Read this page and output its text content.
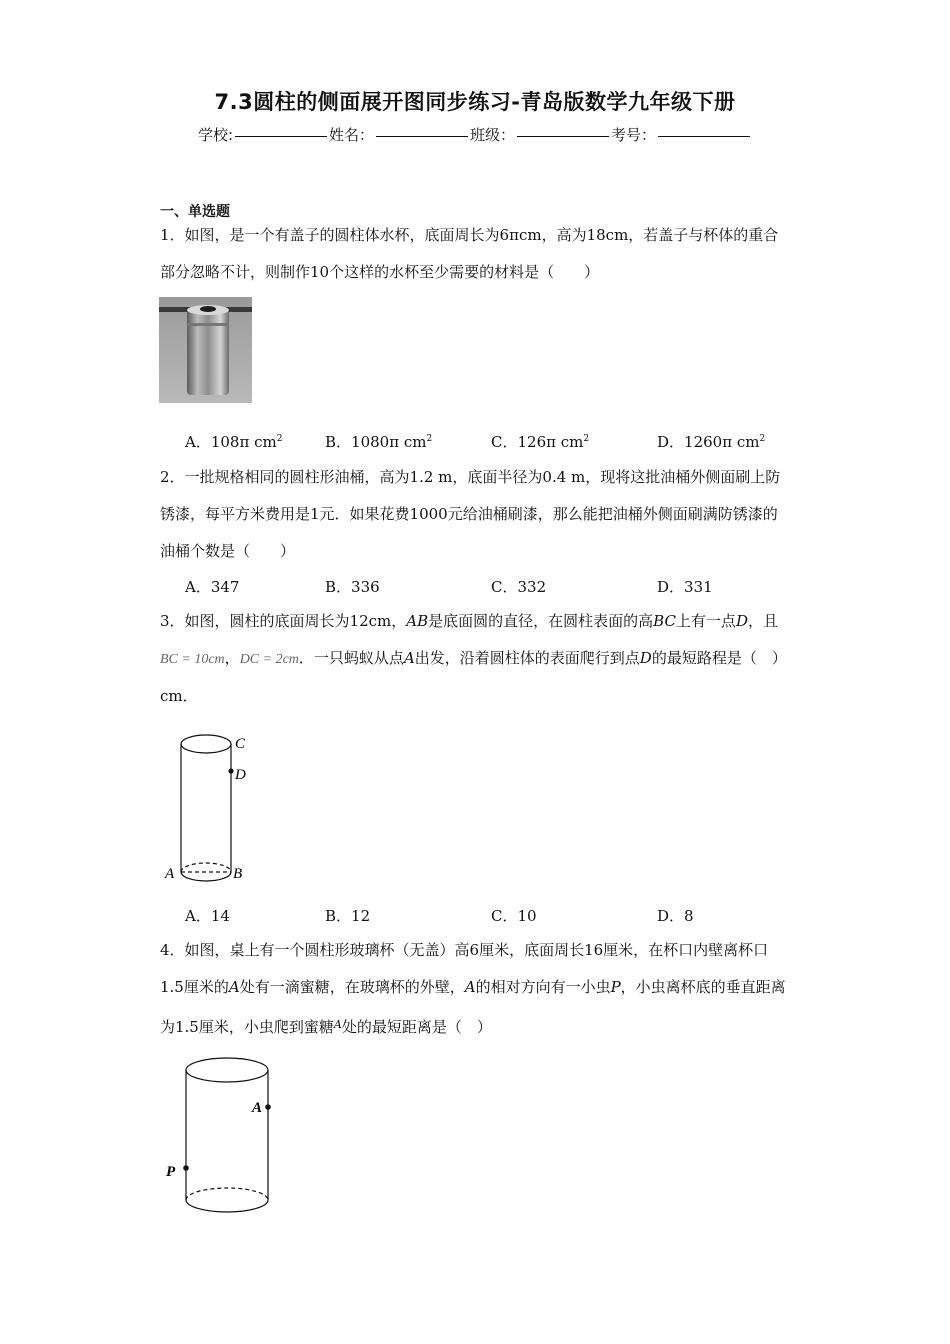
7.3圆柱的侧面展开图同步练习-青岛版数学九年级下册
学校:	姓名：	班级：	考号：
一、单选题
1．如图，是一个有盖子的圆柱体水杯，底面周长为6πcm，高为18cm，若盖子与杯体的重合部分忽略不计，则制作10个这样的水杯至少需要的材料是（　　）
A．108π $cm^2$	B．1080π $cm^2$	C．126π $cm^2$	D．1260π $cm^2$
2．一批规格相同的圆柱形油桶，高为1.2 m，底面半径为0.4 m，现将这批油桶外侧面刷上防锈漆，每平方米费用是1元．如果花费1000元给油桶刷漆，那么能把油桶外侧面刷满防锈漆的油桶个数是（　　）
A．347	B．336	C．332	D．331
3．如图，圆柱的底面周长为12cm，AB是底面圆的直径，在圆柱表面的高BC上有一点D，且BC = 10cm，DC = 2cm．一只蚂蚁从点A出发，沿着圆柱体的表面爬行到点D的最短路程是（　）cm．
C
D
A	B
A．14	B．12	C．10	D．8
4．如图，桌上有一个圆柱形玻璃杯（无盖）高6厘米，底面周长16厘米，在杯口内壁离杯口1.5厘米的A处有一滴蜜糖，在玻璃杯的外壁，A的相对方向有一小虫P，小虫离杯底的垂直距离为1.5厘米，小虫爬到蜜糖$^A$处的最短距离是（　）
A
P
